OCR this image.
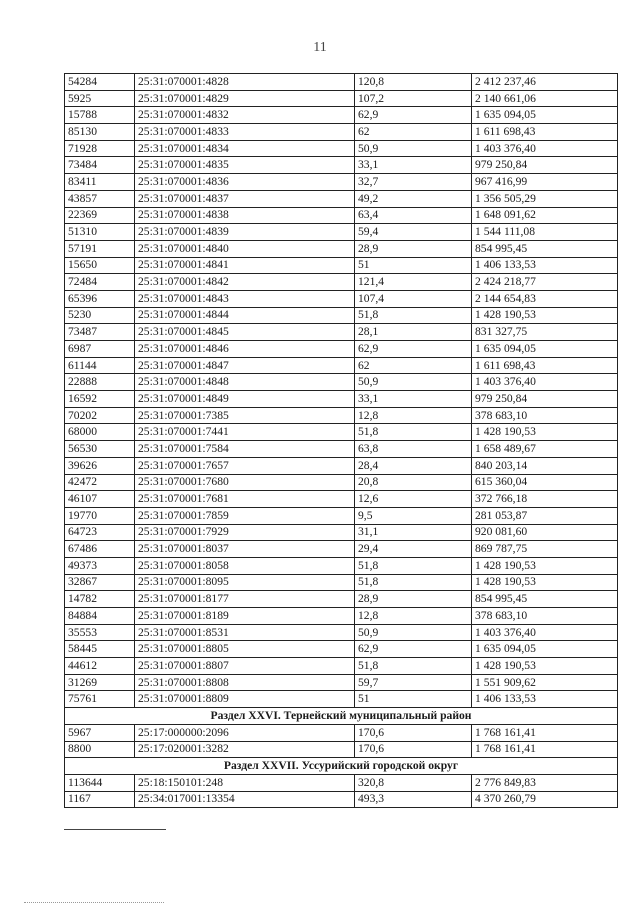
11
54284	25:31:070001:4828	120,8	2 412 237,46
5925	25:31:070001:4829	107,2	2 140 661,06
15788	25:31:070001:4832	62,9	1 635 094,05
85130	25:31:070001:4833	62	1 611 698,43
71928	25:31:070001:4834	50,9	1 403 376,40
73484	25:31:070001:4835	33,1	979 250,84
83411	25:31:070001:4836	32,7	967 416,99
43857	25:31:070001:4837	49,2	1 356 505,29
22369	25:31:070001:4838	63,4	1 648 091,62
51310	25:31:070001:4839	59,4	1 544 111,08
57191	25:31:070001:4840	28,9	854 995,45
15650	25:31:070001:4841	51	1 406 133,53
72484	25:31:070001:4842	121,4	2 424 218,77
65396	25:31:070001:4843	107,4	2 144 654,83
5230	25:31:070001:4844	51,8	1 428 190,53
73487	25:31:070001:4845	28,1	831 327,75
6987	25:31:070001:4846	62,9	1 635 094,05
61144	25:31:070001:4847	62	1 611 698,43
22888	25:31:070001:4848	50,9	1 403 376,40
16592	25:31:070001:4849	33,1	979 250,84
70202	25:31:070001:7385	12,8	378 683,10
68000	25:31:070001:7441	51,8	1 428 190,53
56530	25:31:070001:7584	63,8	1 658 489,67
39626	25:31:070001:7657	28,4	840 203,14
42472	25:31:070001:7680	20,8	615 360,04
46107	25:31:070001:7681	12,6	372 766,18
19770	25:31:070001:7859	9,5	281 053,87
64723	25:31:070001:7929	31,1	920 081,60
67486	25:31:070001:8037	29,4	869 787,75
49373	25:31:070001:8058	51,8	1 428 190,53
32867	25:31:070001:8095	51,8	1 428 190,53
14782	25:31:070001:8177	28,9	854 995,45
84884	25:31:070001:8189	12,8	378 683,10
35553	25:31:070001:8531	50,9	1 403 376,40
58445	25:31:070001:8805	62,9	1 635 094,05
44612	25:31:070001:8807	51,8	1 428 190,53
31269	25:31:070001:8808	59,7	1 551 909,62
75761	25:31:070001:8809	51	1 406 133,53
Раздел XXVI. Тернейский муниципальный район			
5967	25:17:000000:2096	170,6	1 768 161,41
8800	25:17:020001:3282	170,6	1 768 161,41
Раздел XXVII. Уссурийский городской округ			
113644	25:18:150101:248	320,8	2 776 849,83
1167	25:34:017001:13354	493,3	4 370 260,79
